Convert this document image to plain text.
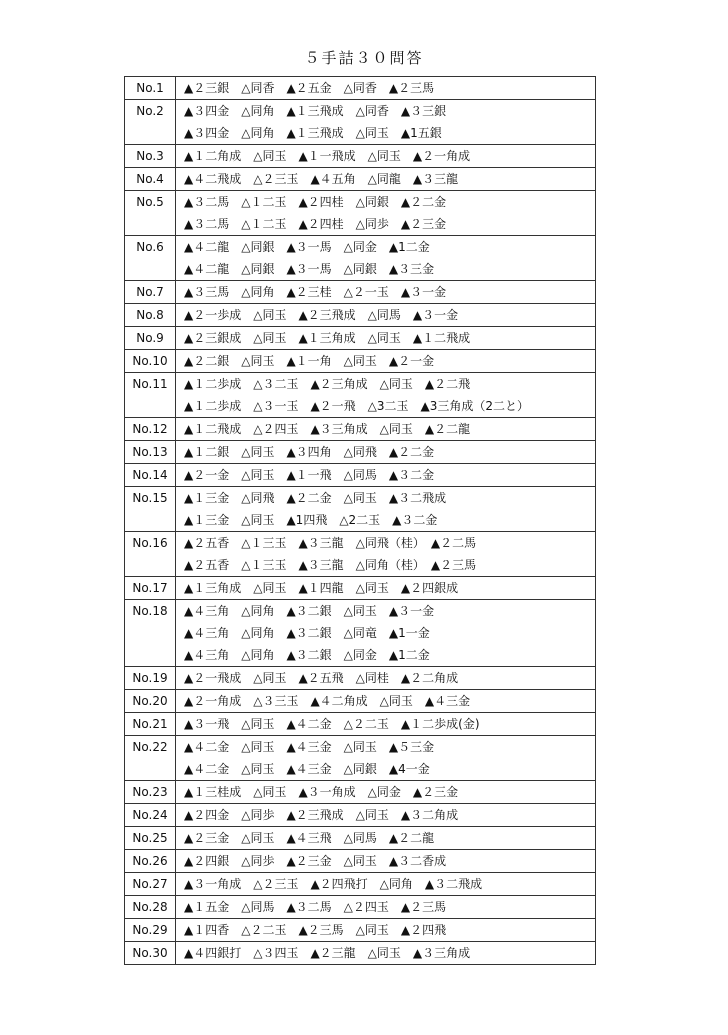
５手詰３０問答
No.1	▲２三銀　△同香　▲２五金　△同香　▲２三馬

No.2	▲３四金　△同角　▲１三飛成　△同香　▲３三銀
▲３四金　△同角　▲１三飛成　△同玉　▲1五銀

No.3	▲１二角成　△同玉　▲１一飛成　△同玉　▲２一角成

No.4	▲４二飛成　△２三玉　▲４五角　△同龍　▲３三龍

No.5	▲３二馬　△１二玉　▲２四桂　△同銀　▲２二金
▲３二馬　△１二玉　▲２四桂　△同歩　▲２三金

No.6	▲４二龍　△同銀　▲３一馬　△同金　▲1二金
▲４二龍　△同銀　▲３一馬　△同銀　▲３三金

No.7	▲３三馬　△同角　▲２三桂　△２一玉　▲３一金

No.8	▲２一歩成　△同玉　▲２三飛成　△同馬　▲３一金

No.9	▲２三銀成　△同玉　▲１三角成　△同玉　▲１二飛成

No.10	▲２二銀　△同玉　▲１一角　△同玉　▲２一金

No.11	▲１二歩成　△３二玉　▲２三角成　△同玉　▲２二飛
▲１二歩成　△３一玉　▲２一飛　△3二玉　▲3三角成（2二と）

No.12	▲１二飛成　△２四玉　▲３三角成　△同玉　▲２二龍

No.13	▲１二銀　△同玉　▲３四角　△同飛　▲２二金

No.14	▲２一金　△同玉　▲１一飛　△同馬　▲３二金

No.15	▲１三金　△同飛　▲２二金　△同玉　▲３二飛成
▲１三金　△同玉　▲1四飛　△2二玉　▲３二金

No.16	▲２五香　△１三玉　▲３三龍　△同飛（桂）　▲２二馬
▲２五香　△１三玉　▲３三龍　△同角（桂）　▲２三馬

No.17	▲１三角成　△同玉　▲１四龍　△同玉　▲２四銀成

No.18	▲４三角　△同角　▲３二銀　△同玉　▲３一金
▲４三角　△同角　▲３二銀　△同竜　▲1一金
▲４三角　△同角　▲３二銀　△同金　▲1二金

No.19	▲２一飛成　△同玉　▲２五飛　△同桂　▲２二角成

No.20	▲２一角成　△３三玉　▲４二角成　△同玉　▲４三金

No.21	▲３一飛　△同玉　▲４二金　△２二玉　▲１二歩成(金)

No.22	▲４二金　△同玉　▲４三金　△同玉　▲５三金
▲４二金　△同玉　▲４三金　△同銀　▲4一金

No.23	▲１三桂成　△同玉　▲３一角成　△同金　▲２三金

No.24	▲２四金　△同歩　▲２三飛成　△同玉　▲３二角成

No.25	▲２三金　△同玉　▲４三飛　△同馬　▲２二龍

No.26	▲２四銀　△同歩　▲２三金　△同玉　▲３二香成

No.27	▲３一角成　△２三玉　▲２四飛打　△同角　▲３二飛成

No.28	▲１五金　△同馬　▲３二馬　△２四玉　▲２三馬

No.29	▲１四香　△２二玉　▲２三馬　△同玉　▲２四飛

No.30	▲４四銀打　△３四玉　▲２三龍　△同玉　▲３三角成
